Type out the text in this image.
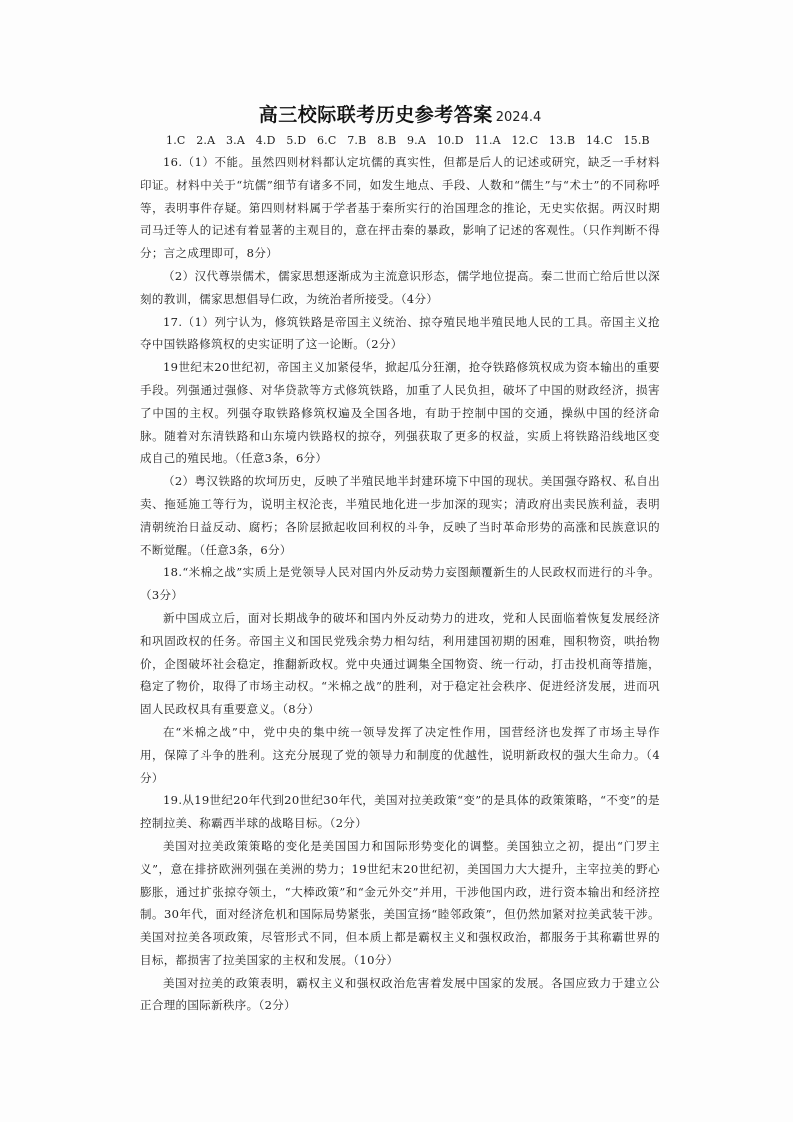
高三校际联考历史参考答案 2024.4
1.C 2.A 3.A 4.D 5.D 6.C 7.B 8.B 9.A 10.D 11.A 12.C 13.B 14.C 15.B

16.（1）不能。虽然四则材料都认定坑儒的真实性，但都是后人的记述或研究，缺乏一手材料印证。材料中关于“坑儒”细节有诸多不同，如发生地点、手段、人数和“儒生”与“术士”的不同称呼等，表明事件存疑。第四则材料属于学者基于秦所实行的治国理念的推论，无史实依据。两汉时期司马迁等人的记述有着显著的主观目的，意在抨击秦的暴政，影响了记述的客观性。（只作判断不得分；言之成理即可，8分）

（2）汉代尊崇儒术，儒家思想逐渐成为主流意识形态，儒学地位提高。秦二世而亡给后世以深刻的教训，儒家思想倡导仁政，为统治者所接受。（4分）

17.（1）列宁认为，修筑铁路是帝国主义统治、掠夺殖民地半殖民地人民的工具。帝国主义抢夺中国铁路修筑权的史实证明了这一论断。（2分）

19世纪末20世纪初，帝国主义加紧侵华，掀起瓜分狂潮，抢夺铁路修筑权成为资本输出的重要手段。列强通过强修、对华贷款等方式修筑铁路，加重了人民负担，破坏了中国的财政经济，损害了中国的主权。列强夺取铁路修筑权遍及全国各地，有助于控制中国的交通，操纵中国的经济命脉。随着对东清铁路和山东境内铁路权的掠夺，列强获取了更多的权益，实质上将铁路沿线地区变成自己的殖民地。（任意3条，6分）

（2）粤汉铁路的坎坷历史，反映了半殖民地半封建环境下中国的现状。美国强夺路权、私自出卖、拖延施工等行为，说明主权沦丧，半殖民地化进一步加深的现实；清政府出卖民族利益，表明清朝统治日益反动、腐朽；各阶层掀起收回利权的斗争，反映了当时革命形势的高涨和民族意识的不断觉醒。（任意3条，6分）

18.“米棉之战”实质上是党领导人民对国内外反动势力妄图颠覆新生的人民政权而进行的斗争。（3分）

新中国成立后，面对长期战争的破坏和国内外反动势力的进攻，党和人民面临着恢复发展经济和巩固政权的任务。帝国主义和国民党残余势力相勾结，利用建国初期的困难，囤积物资，哄抬物价，企图破坏社会稳定，推翻新政权。党中央通过调集全国物资、统一行动，打击投机商等措施，稳定了物价，取得了市场主动权。“米棉之战”的胜利，对于稳定社会秩序、促进经济发展，进而巩固人民政权具有重要意义。（8分）

在“米棉之战”中，党中央的集中统一领导发挥了决定性作用，国营经济也发挥了市场主导作用，保障了斗争的胜利。这充分展现了党的领导力和制度的优越性，说明新政权的强大生命力。（4分）

19.从19世纪20年代到20世纪30年代，美国对拉美政策“变”的是具体的政策策略，“不变”的是控制拉美、称霸西半球的战略目标。（2分）

美国对拉美政策策略的变化是美国国力和国际形势变化的调整。美国独立之初，提出“门罗主义”，意在排挤欧洲列强在美洲的势力；19世纪末20世纪初，美国国力大大提升，主宰拉美的野心膨胀，通过扩张掠夺领土，“大棒政策”和“金元外交”并用，干涉他国内政，进行资本输出和经济控制。30年代，面对经济危机和国际局势紧张，美国宣扬“睦邻政策”，但仍然加紧对拉美武装干涉。美国对拉美各项政策，尽管形式不同，但本质上都是霸权主义和强权政治，都服务于其称霸世界的目标，都损害了拉美国家的主权和发展。（10分）

美国对拉美的政策表明，霸权主义和强权政治危害着发展中国家的发展。各国应致力于建立公正合理的国际新秩序。（2分）
